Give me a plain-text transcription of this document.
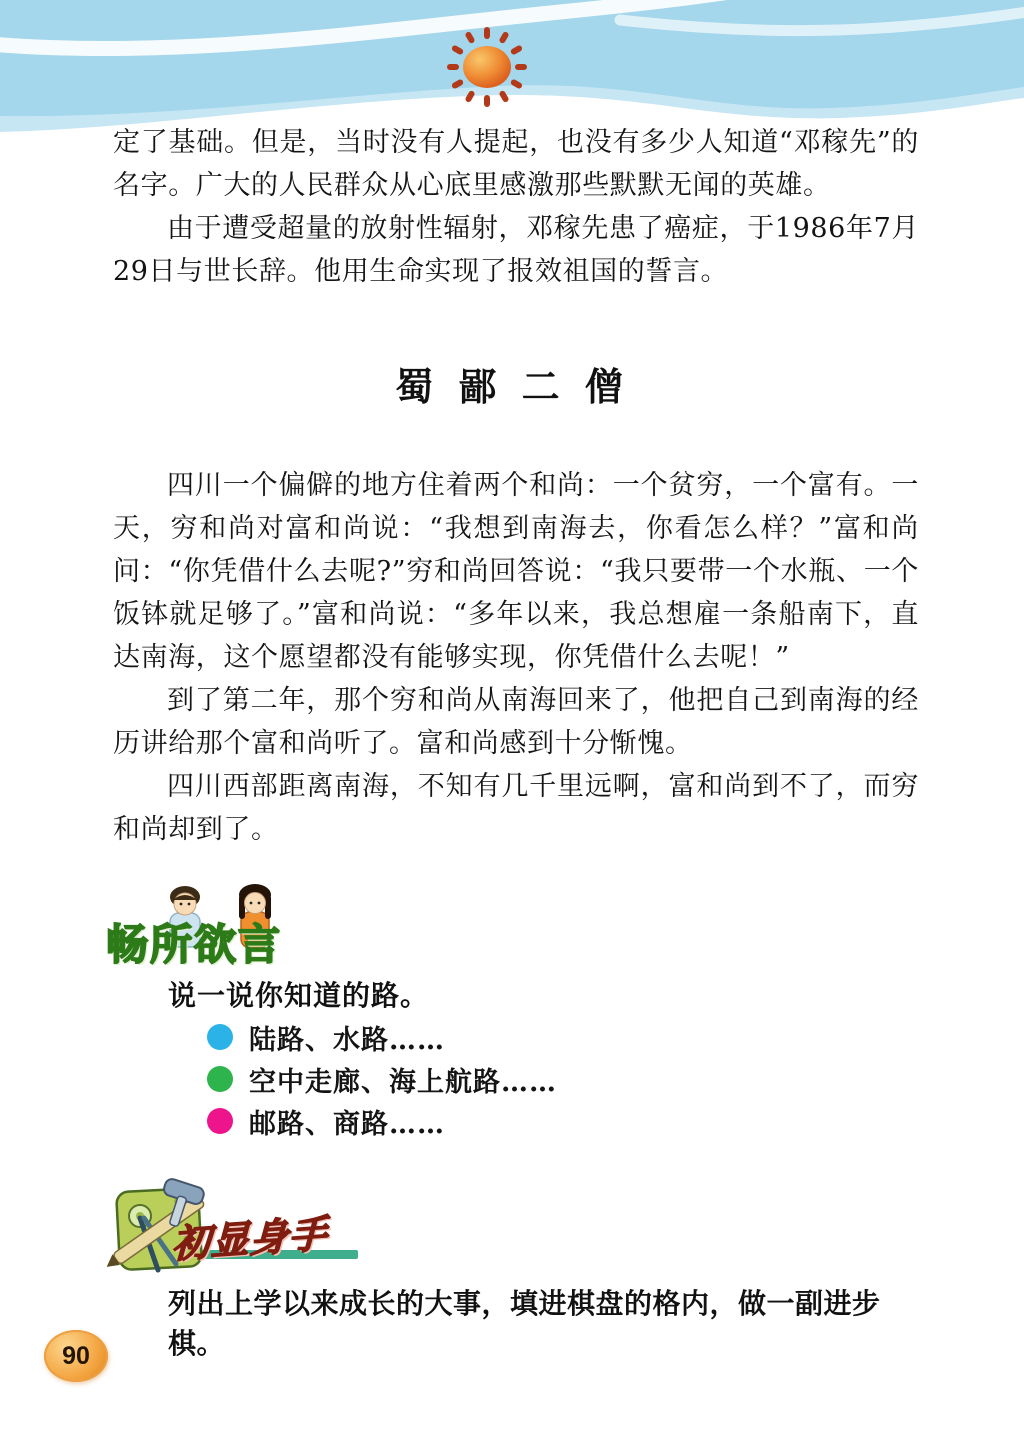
定了基础。但是，当时没有人提起，也没有多少人知道“邓稼先”的名字。广大的人民群众从心底里感激那些默默无闻的英雄。

由于遭受超量的放射性辐射，邓稼先患了癌症，于1986年7月29日与世长辞。他用生命实现了报效祖国的誓言。

蜀 鄙 二 僧

四川一个偏僻的地方住着两个和尚：一个贫穷，一个富有。一天，穷和尚对富和尚说：“我想到南海去，你看怎么样？”富和尚问：“你凭借什么去呢?”穷和尚回答说：“我只要带一个水瓶、一个饭钵就足够了。”富和尚说：“多年以来，我总想雇一条船南下，直达南海，这个愿望都没有能够实现，你凭借什么去呢！”

到了第二年，那个穷和尚从南海回来了，他把自己到南海的经历讲给那个富和尚听了。富和尚感到十分惭愧。

四川西部距离南海，不知有几千里远啊，富和尚到不了，而穷和尚却到了。

畅所欲言
说一说你知道的路。
陆路、水路……
空中走廊、海上航路……
邮路、商路……
初显身手
列出上学以来成长的大事，填进棋盘的格内，做一副进步棋。
90
